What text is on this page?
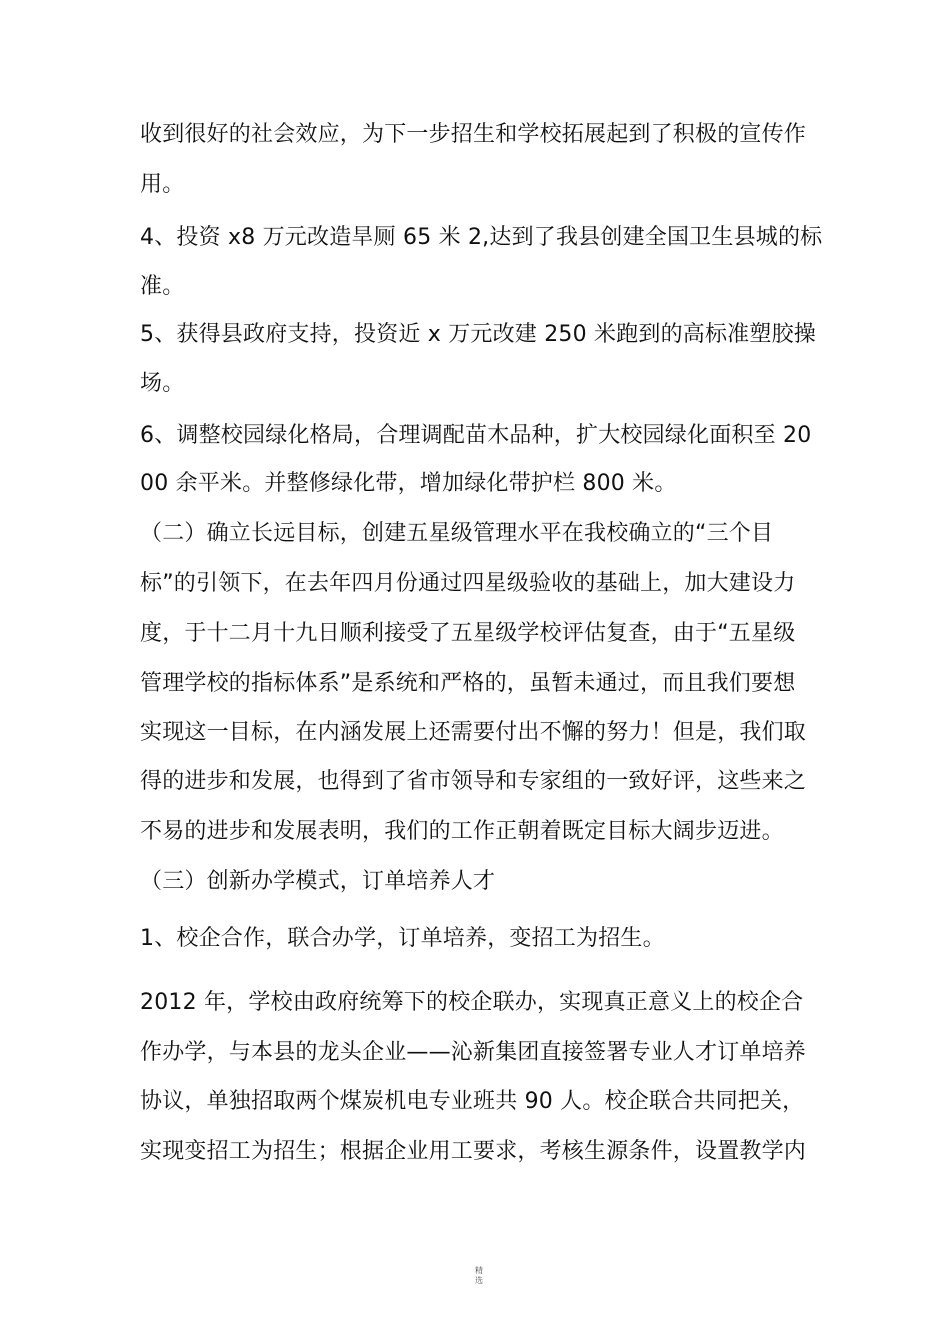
收到很好的社会效应，为下一步招生和学校拓展起到了积极的宣传作
用。
4、投资 x8 万元改造旱厕 65 米 2,达到了我县创建全国卫生县城的标
准。
5、获得县政府支持，投资近 x 万元改建 250 米跑到的高标准塑胶操
场。
6、调整校园绿化格局，合理调配苗木品种，扩大校园绿化面积至 20
00 余平米。并整修绿化带，增加绿化带护栏 800 米。
（二）确立长远目标，创建五星级管理水平在我校确立的“三个目
标”的引领下，在去年四月份通过四星级验收的基础上，加大建设力
度，于十二月十九日顺利接受了五星级学校评估复查，由于“五星级
管理学校的指标体系”是系统和严格的，虽暂未通过，而且我们要想
实现这一目标，在内涵发展上还需要付出不懈的努力！但是，我们取
得的进步和发展，也得到了省市领导和专家组的一致好评，这些来之
不易的进步和发展表明，我们的工作正朝着既定目标大阔步迈进。
（三）创新办学模式，订单培养人才
1、校企合作，联合办学，订单培养，变招工为招生。
2012 年，学校由政府统筹下的校企联办，实现真正意义上的校企合
作办学，与本县的龙头企业——沁新集团直接签署专业人才订单培养
协议，单独招取两个煤炭机电专业班共 90 人。校企联合共同把关，
实现变招工为招生；根据企业用工要求，考核生源条件，设置教学内
精
选
